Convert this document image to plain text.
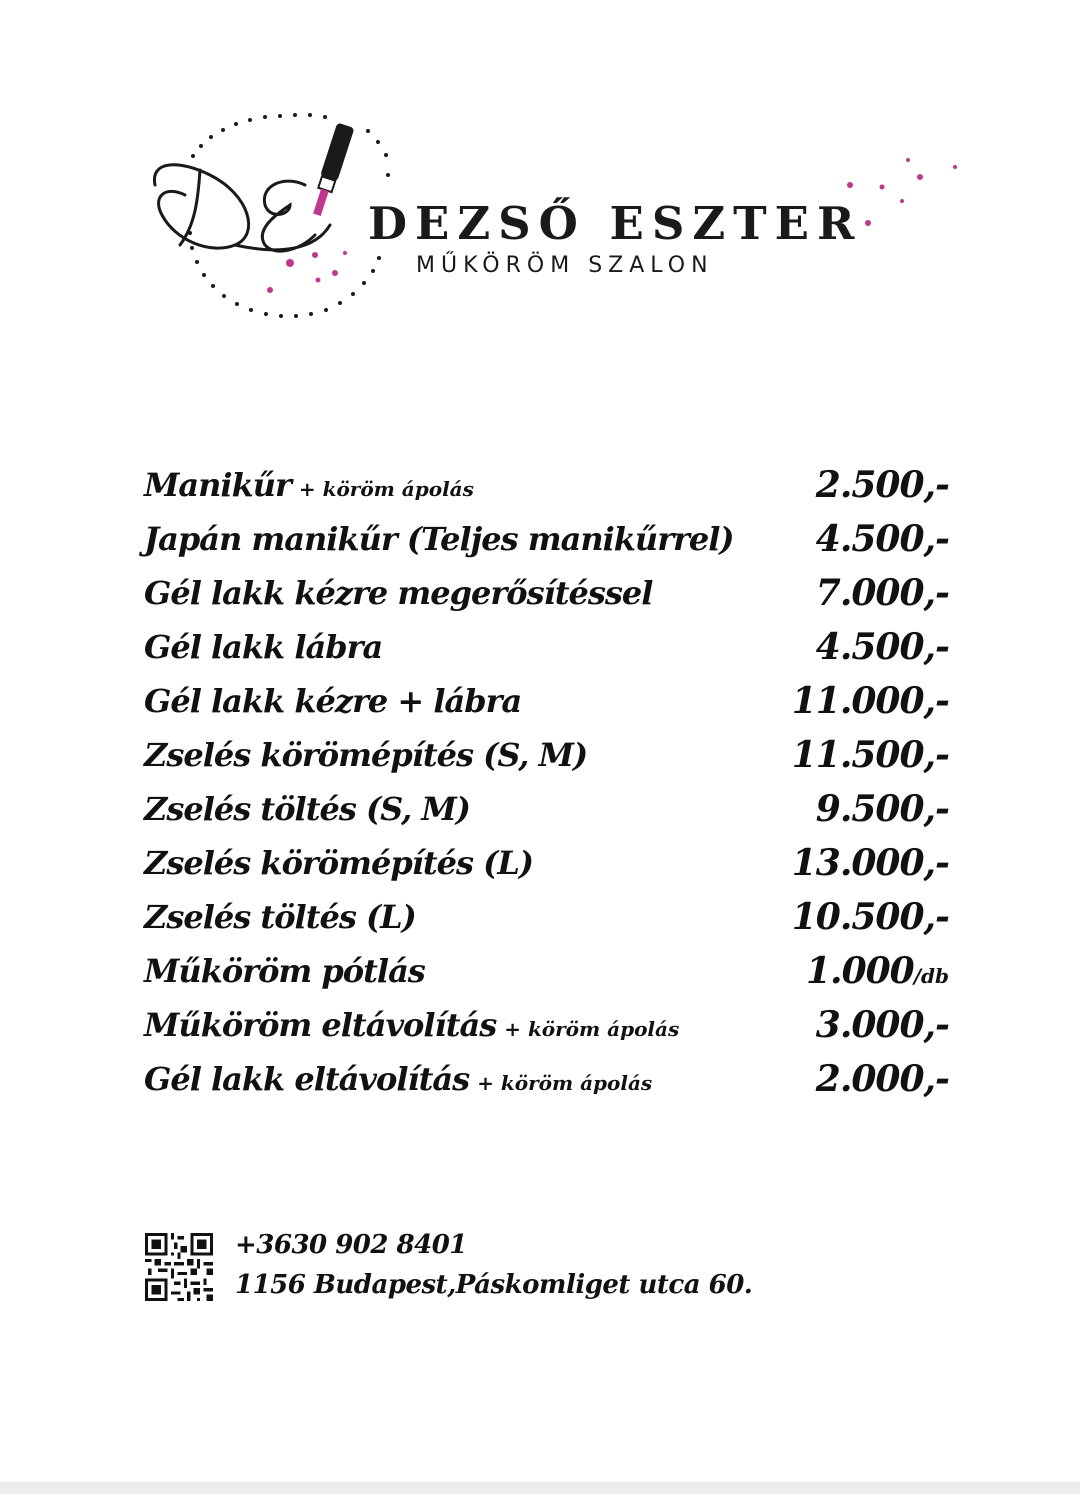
DEZSŐ ESZTER
MŰKÖRÖM SZALON
Manikűr + köröm ápolás	2.500,-
Japán manikűr (Teljes manikűrrel) 4.500,-
Gél lakk kézre megerősítéssel	7.000,-
Gél lakk lábra	4.500,-
Gél lakk kézre + lábra	11.000,-
Zselés körömépítés (S, M)	11.500,-
Zselés töltés (S, M)	9.500,-
Zselés körömépítés (L)	13.000,-
Zselés töltés (L)	10.500,-
Műköröm pótlás	1.000/db
Műköröm eltávolítás + köröm ápolás	3.000,-
Gél lakk eltávolítás + köröm ápolás	2.000,-
+3630 902 8401
1156 Budapest,Páskomliget utca 60.
